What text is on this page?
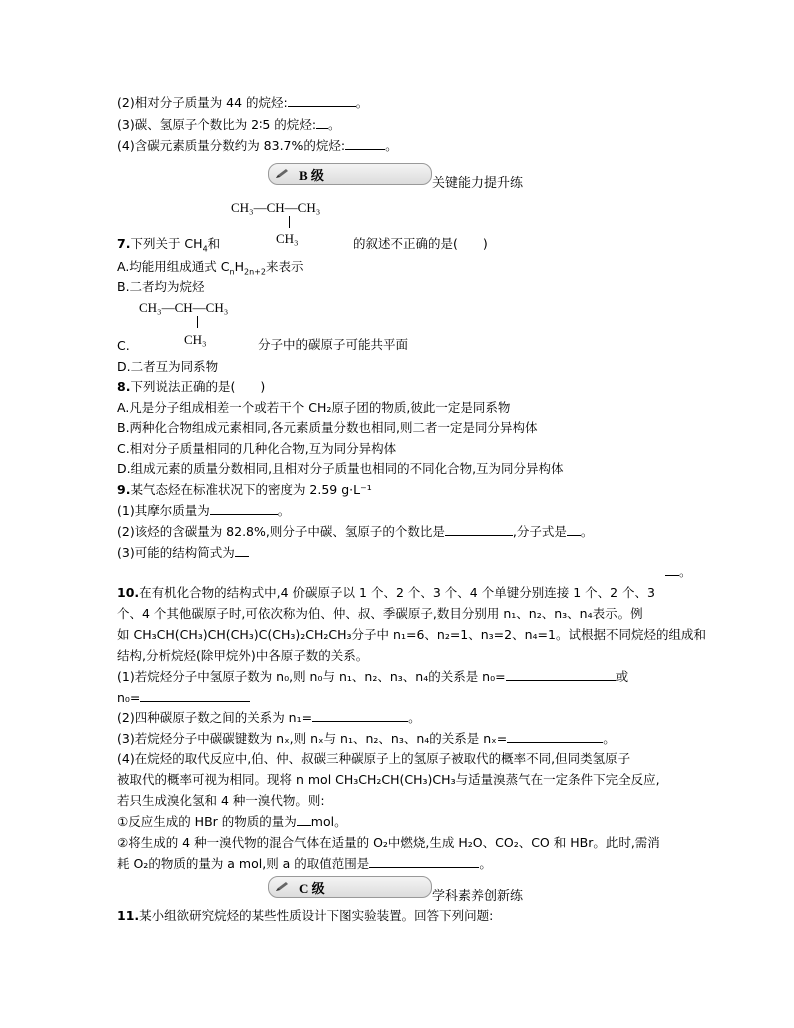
(2)相对分子质量为 44 的烷烃:	。
(3)碳、氢原子个数比为 2∶5 的烷烃: 。
(4)含碳元素质量分数约为 83.7%的烷烃:	。
B 级
关键能力提升练
CH₃—CH—CH₃
CH₃
7.下列关于 $CH_4$和	的叙述不正确的是(　　)
A.均能用组成通式 $C_nH_{2n+2}$来表示
B.二者均为烷烃
CH₃—CH—CH₃
CH₃
C.	分子中的碳原子可能共平面
D.二者互为同系物
8.下列说法正确的是(　　)
A.凡是分子组成相差一个或若干个 CH₂原子团的物质,彼此一定是同系物
B.两种化合物组成元素相同,各元素质量分数也相同,则二者一定是同分异构体
C.相对分子质量相同的几种化合物,互为同分异构体
D.组成元素的质量分数相同,且相对分子质量也相同的不同化合物,互为同分异构体
9.某气态烃在标准状况下的密度为 2.59 g·L⁻¹
(1)其摩尔质量为	。
(2)该烃的含碳量为 82.8%,则分子中碳、氢原子的个数比是	,分子式是 。
(3)可能的结构简式为
。
10.在有机化合物的结构式中,4 价碳原子以 1 个、2 个、3 个、4 个单键分别连接 1 个、2 个、3
个、4 个其他碳原子时,可依次称为伯、仲、叔、季碳原子,数目分别用 n₁、n₂、n₃、n₄表示。例
如 CH₃CH(CH₃)CH(CH₃)C(CH₃)₂CH₂CH₃分子中 n₁=6、n₂=1、n₃=2、n₄=1。试根据不同烷烃的组成和
结构,分析烷烃(除甲烷外)中各原子数的关系。
(1)若烷烃分子中氢原子数为 n₀,则 n₀与 n₁、n₂、n₃、n₄的关系是 n₀=	或
n₀=
(2)四种碳原子数之间的关系为 n₁=	。
(3)若烷烃分子中碳碳键数为 nₓ,则 nₓ与 n₁、n₂、n₃、n₄的关系是 nₓ=	。
(4)在烷烃的取代反应中,伯、仲、叔碳三种碳原子上的氢原子被取代的概率不同,但同类氢原子
被取代的概率可视为相同。现将 n mol CH₃CH₂CH(CH₃)CH₃与适量溴蒸气在一定条件下完全反应,
若只生成溴化氢和 4 种一溴代物。则:
①反应生成的 HBr 的物质的量为 mol。
②将生成的 4 种一溴代物的混合气体在适量的 O₂中燃烧,生成 H₂O、CO₂、CO 和 HBr。此时,需消
耗 O₂的物质的量为 a mol,则 a 的取值范围是	。
C 级
学科素养创新练
11.某小组欲研究烷烃的某些性质设计下图实验装置。回答下列问题:
